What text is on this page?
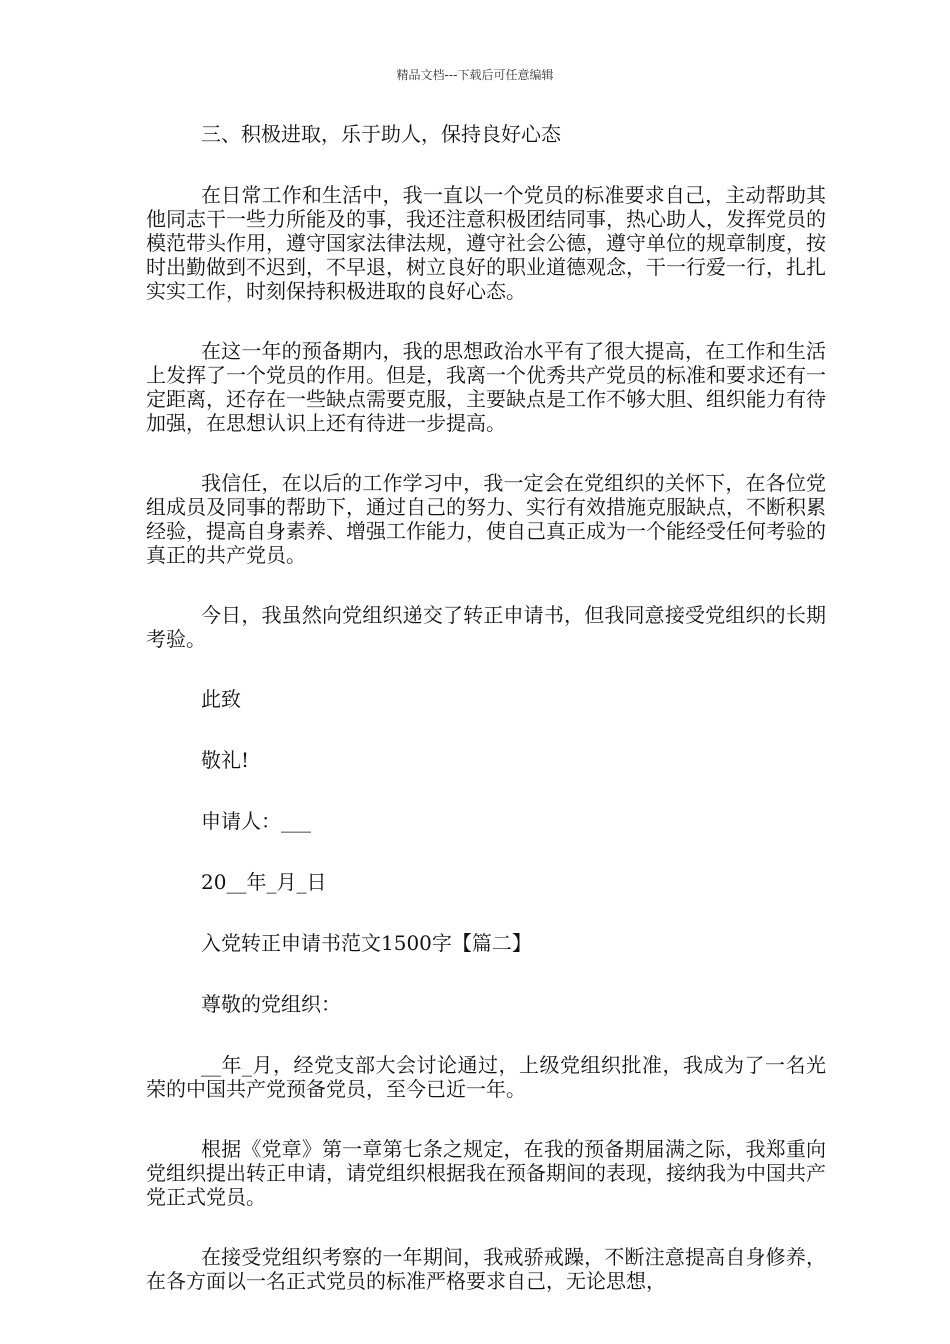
精品文档---下载后可任意编辑

三、积极进取，乐于助人，保持良好心态

在日常工作和生活中，我一直以一个党员的标准要求自己，主动帮助其他同志干一些力所能及的事，我还注意积极团结同事，热心助人，发挥党员的模范带头作用，遵守国家法律法规，遵守社会公德，遵守单位的规章制度，按时出勤做到不迟到，不早退，树立良好的职业道德观念，干一行爱一行，扎扎实实工作，时刻保持积极进取的良好心态。

在这一年的预备期内，我的思想政治水平有了很大提高，在工作和生活上发挥了一个党员的作用。但是，我离一个优秀共产党员的标准和要求还有一定距离，还存在一些缺点需要克服，主要缺点是工作不够大胆、组织能力有待加强，在思想认识上还有待进一步提高。

我信任，在以后的工作学习中，我一定会在党组织的关怀下，在各位党组成员及同事的帮助下，通过自己的努力、实行有效措施克服缺点，不断积累经验，提高自身素养、增强工作能力，使自己真正成为一个能经受任何考验的真正的共产党员。

今日，我虽然向党组织递交了转正申请书，但我同意接受党组织的长期考验。

此致

敬礼!

申请人：___

20__年_月_日

入党转正申请书范文1500字【篇二】

尊敬的党组织：

__年_月，经党支部大会讨论通过，上级党组织批准，我成为了一名光荣的中国共产党预备党员，至今已近一年。

根据《党章》第一章第七条之规定，在我的预备期届满之际，我郑重向党组织提出转正申请，请党组织根据我在预备期间的表现，接纳我为中国共产党正式党员。

在接受党组织考察的一年期间，我戒骄戒躁，不断注意提高自身修养，在各方面以一名正式党员的标准严格要求自己，无论思想，
